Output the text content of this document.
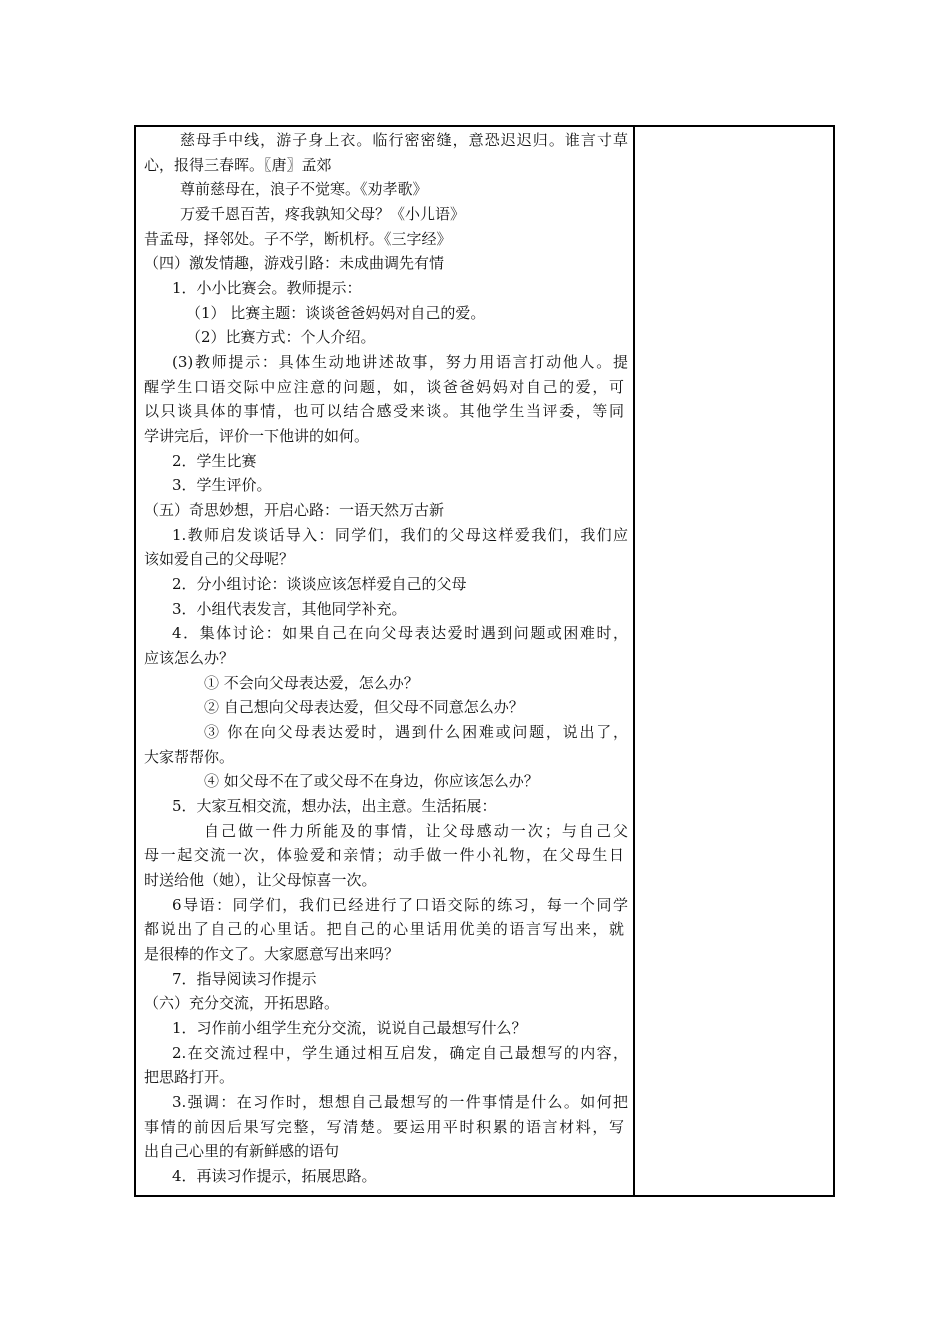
慈母手中线，游子身上衣。临行密密缝，意恐迟迟归。谁言寸草
心，报得三春晖。〖唐〗孟郊
尊前慈母在，浪子不觉寒。《劝孝歌》
万爱千恩百苦，疼我孰知父母？《小儿语》
昔孟母，择邻处。子不学，断机杼。《三字经》
（四）激发情趣，游戏引路：未成曲调先有情
1．小小比赛会。教师提示：
（1） 比赛主题：谈谈爸爸妈妈对自己的爱。
（2）比赛方式：个人介绍。
(3)教师提示：具体生动地讲述故事，努力用语言打动他人。提
醒学生口语交际中应注意的问题，如，谈爸爸妈妈对自己的爱，可
以只谈具体的事情，也可以结合感受来谈。其他学生当评委，等同
学讲完后，评价一下他讲的如何。
2．学生比赛
3．学生评价。
（五）奇思妙想，开启心路：一语天然万古新
1.教师启发谈话导入：同学们，我们的父母这样爱我们，我们应
该如爱自己的父母呢？
2．分小组讨论：谈谈应该怎样爱自己的父母
3．小组代表发言，其他同学补充。
4．集体讨论：如果自己在向父母表达爱时遇到问题或困难时，
应该怎么办？
① 不会向父母表达爱，怎么办？
② 自己想向父母表达爱，但父母不同意怎么办？
③ 你在向父母表达爱时，遇到什么困难或问题，说出了，
大家帮帮你。
④ 如父母不在了或父母不在身边，你应该怎么办？
5．大家互相交流，想办法，出主意。生活拓展：
自己做一件力所能及的事情，让父母感动一次；与自己父
母一起交流一次，体验爱和亲情；动手做一件小礼物，在父母生日
时送给他（她），让父母惊喜一次。
6导语：同学们，我们已经进行了口语交际的练习，每一个同学
都说出了自己的心里话。把自己的心里话用优美的语言写出来，就
是很棒的作文了。大家愿意写出来吗？
7．指导阅读习作提示
（六）充分交流，开拓思路。
1．习作前小组学生充分交流，说说自己最想写什么？
2.在交流过程中，学生通过相互启发，确定自己最想写的内容，
把思路打开。
3.强调：在习作时，想想自己最想写的一件事情是什么。如何把
事情的前因后果写完整，写清楚。要运用平时积累的语言材料，写
出自己心里的有新鲜感的语句
4．再读习作提示，拓展思路。
